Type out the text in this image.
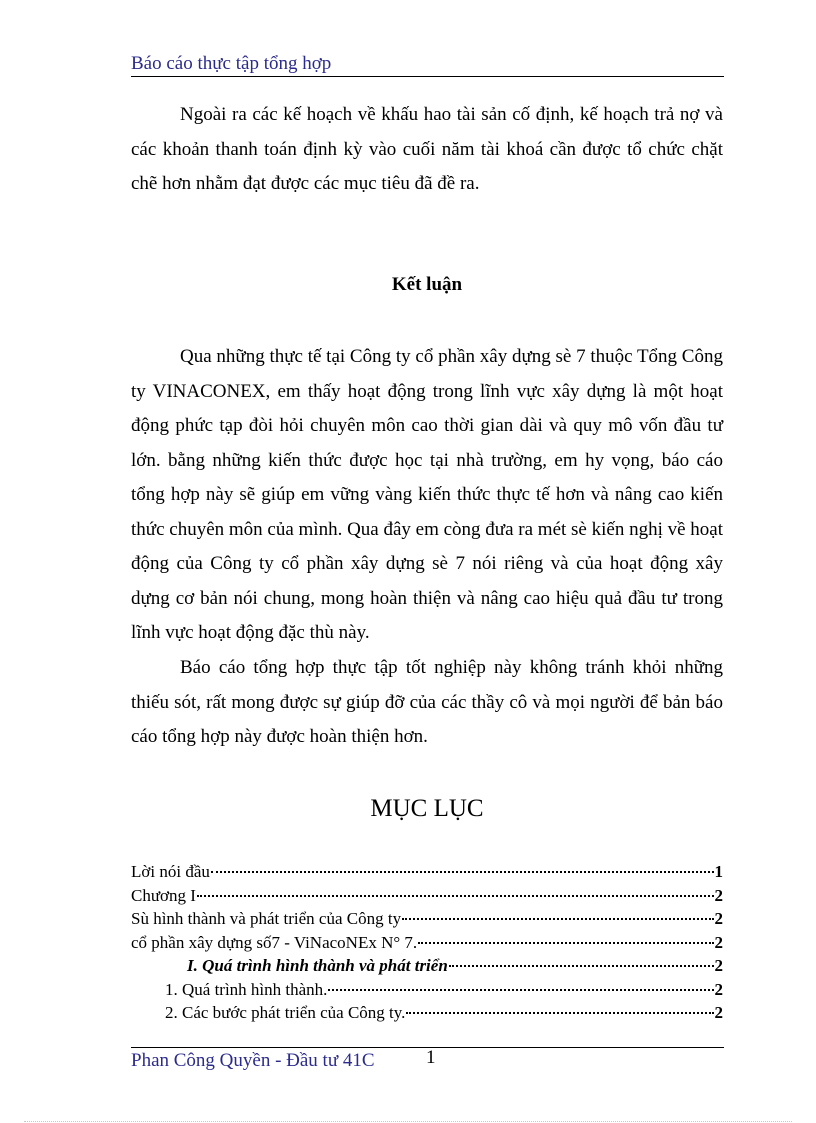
Báo cáo thực tập tổng hợp

Ngoài ra các kế hoạch về khấu hao tài sản cố định, kế hoạch trả nợ và các khoản thanh toán định kỳ vào cuối năm tài khoá cần được tổ chức chặt chẽ hơn nhằm đạt được các mục tiêu đã đề ra.

Kết luận

Qua những thực tế tại Công ty cổ phần xây dựng sè 7 thuộc Tổng Công ty VINACONEX, em thấy hoạt động trong lĩnh vực xây dựng là một hoạt động phức tạp đòi hỏi chuyên môn cao thời gian dài và quy mô vốn đầu tư lớn. bằng những kiến thức được học tại nhà trường, em hy vọng, báo cáo tổng hợp này sẽ giúp em vững vàng kiến thức thực tế hơn và nâng cao kiến thức chuyên môn của mình. Qua đây em còng đưa ra mét sè kiến nghị về hoạt động của Công ty cổ phần xây dựng sè 7 nói riêng và của hoạt động xây dựng cơ bản nói chung, mong hoàn thiện và nâng cao hiệu quả đầu tư trong lĩnh vực hoạt động đặc thù này.

Báo cáo tổng hợp thực tập tốt nghiệp này không tránh khỏi những thiếu sót, rất mong được sự giúp đỡ của các thầy cô và mọi người để bản báo cáo tổng hợp này được hoàn thiện hơn.

MỤC LỤC

Lời nói đầu	1
Chương I	2
Sù hình thành và phát triển của Công ty	2
cổ phần xây dựng số7 - ViNacoNEx N° 7.	2
I. Quá trình hình thành và phát triển	2
1. Quá trình hình thành.	2
2. Các bước phát triển của Công ty.	2
Phan Công Quyền - Đầu tư 41C	1
